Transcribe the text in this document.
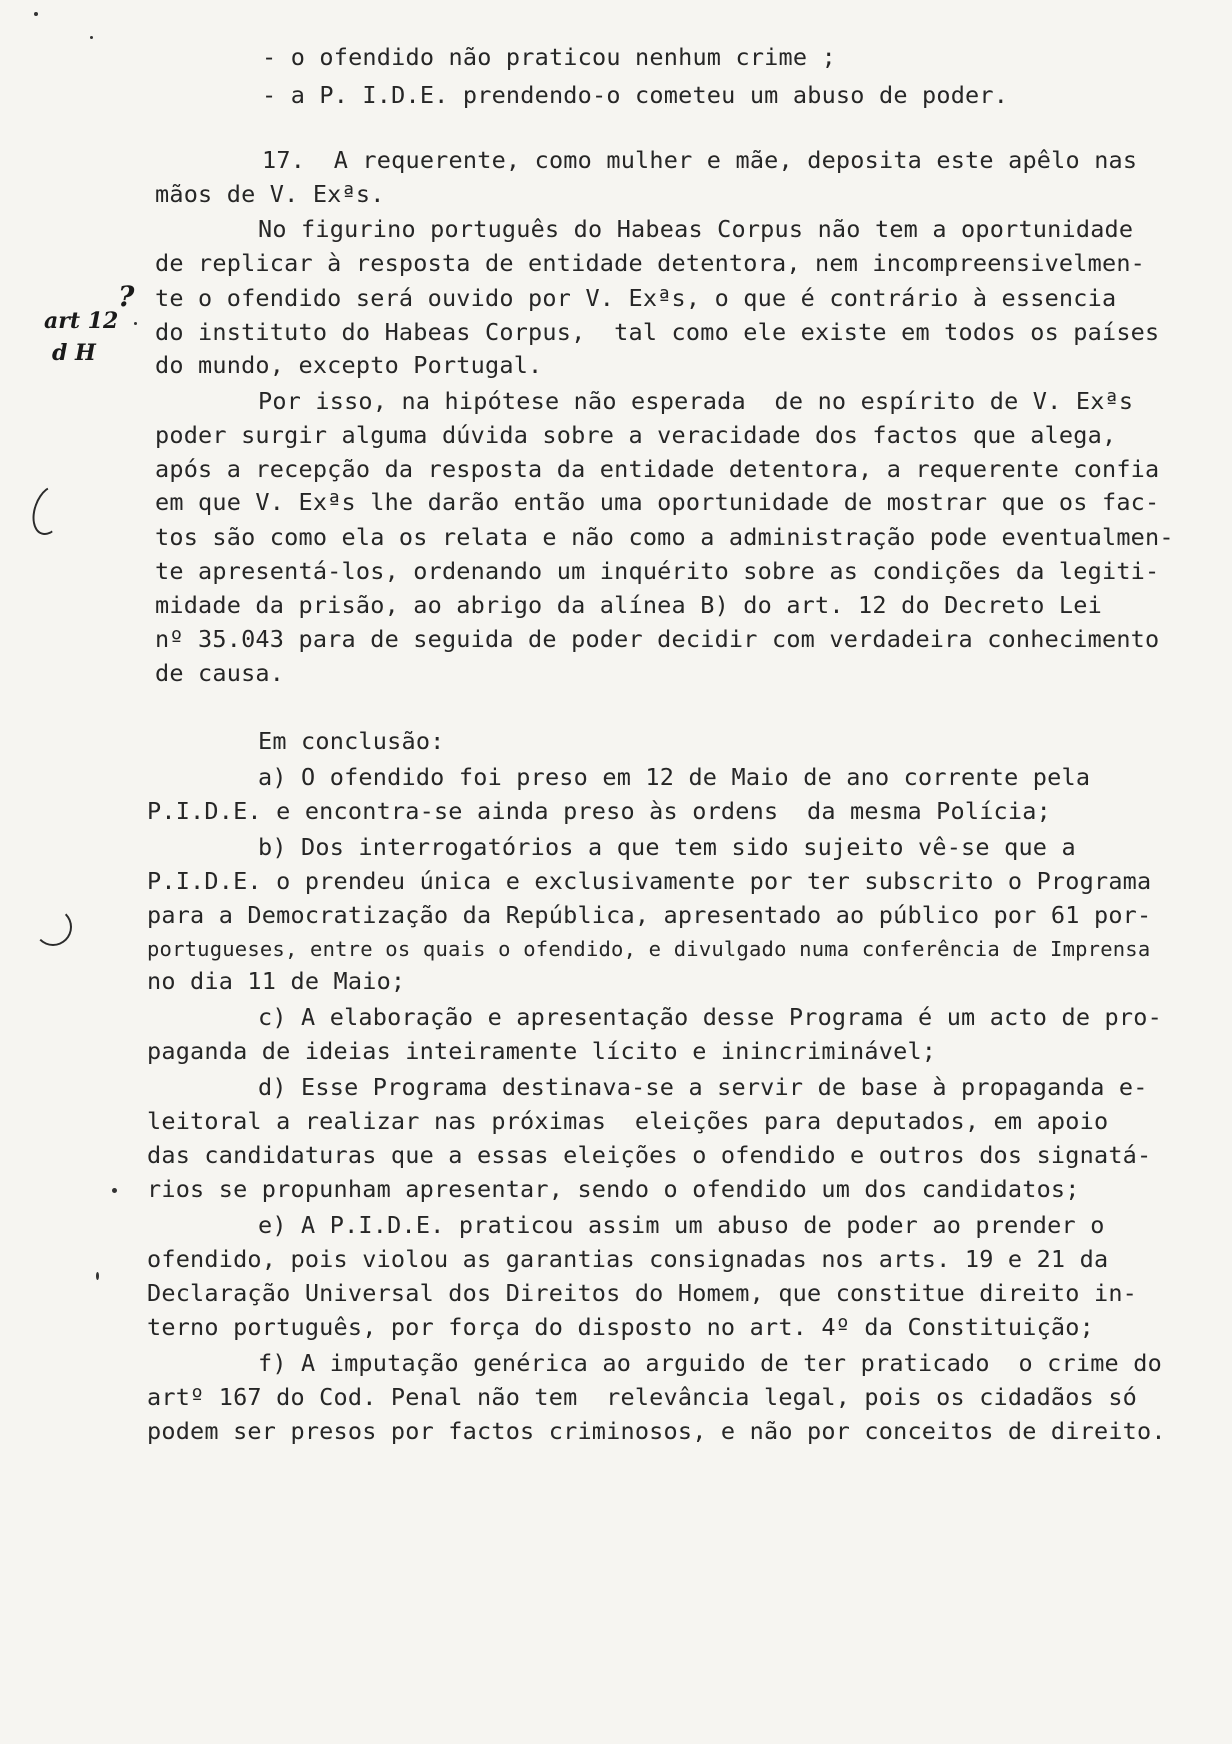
- o ofendido não praticou nenhum crime ;
- a P. I.D.E. prendendo-o cometeu um abuso de poder.
17.  A requerente, como mulher e mãe, deposita este apêlo nas
mãos de V. Exªs.
No figurino português do Habeas Corpus não tem a oportunidade
de replicar à resposta de entidade detentora, nem incompreensivelmen-
te o ofendido será ouvido por V. Exªs, o que é contrário à essencia
do instituto do Habeas Corpus,  tal como ele existe em todos os países
do mundo, excepto Portugal.
Por isso, na hipótese não esperada  de no espírito de V. Exªs
poder surgir alguma dúvida sobre a veracidade dos factos que alega,
após a recepção da resposta da entidade detentora, a requerente confia
em que V. Exªs lhe darão então uma oportunidade de mostrar que os fac-
tos são como ela os relata e não como a administração pode eventualmen-
te apresentá-los, ordenando um inquérito sobre as condições da legiti-
midade da prisão, ao abrigo da alínea B) do art. 12 do Decreto Lei
nº 35.043 para de seguida de poder decidir com verdadeira conhecimento
de causa.
Em conclusão:
a) O ofendido foi preso em 12 de Maio de ano corrente pela
P.I.D.E. e encontra-se ainda preso às ordens  da mesma Polícia;
b) Dos interrogatórios a que tem sido sujeito vê-se que a
P.I.D.E. o prendeu única e exclusivamente por ter subscrito o Programa
para a Democratização da República, apresentado ao público por 61 por-
portugueses, entre os quais o ofendido, e divulgado numa conferência de Imprensa
no dia 11 de Maio;
c) A elaboração e apresentação desse Programa é um acto de pro-
paganda de ideias inteiramente lícito e inincriminável;
d) Esse Programa destinava-se a servir de base à propaganda e-
leitoral a realizar nas próximas  eleições para deputados, em apoio
das candidaturas que a essas eleições o ofendido e outros dos signatá-
rios se propunham apresentar, sendo o ofendido um dos candidatos;
e) A P.I.D.E. praticou assim um abuso de poder ao prender o
ofendido, pois violou as garantias consignadas nos arts. 19 e 21 da
Declaração Universal dos Direitos do Homem, que constitue direito in-
terno português, por força do disposto no art. 4º da Constituição;
f) A imputação genérica ao arguido de ter praticado  o crime do
artº 167 do Cod. Penal não tem  relevância legal, pois os cidadãos só
podem ser presos por factos criminosos, e não por conceitos de direito.
art 12
d H
?
